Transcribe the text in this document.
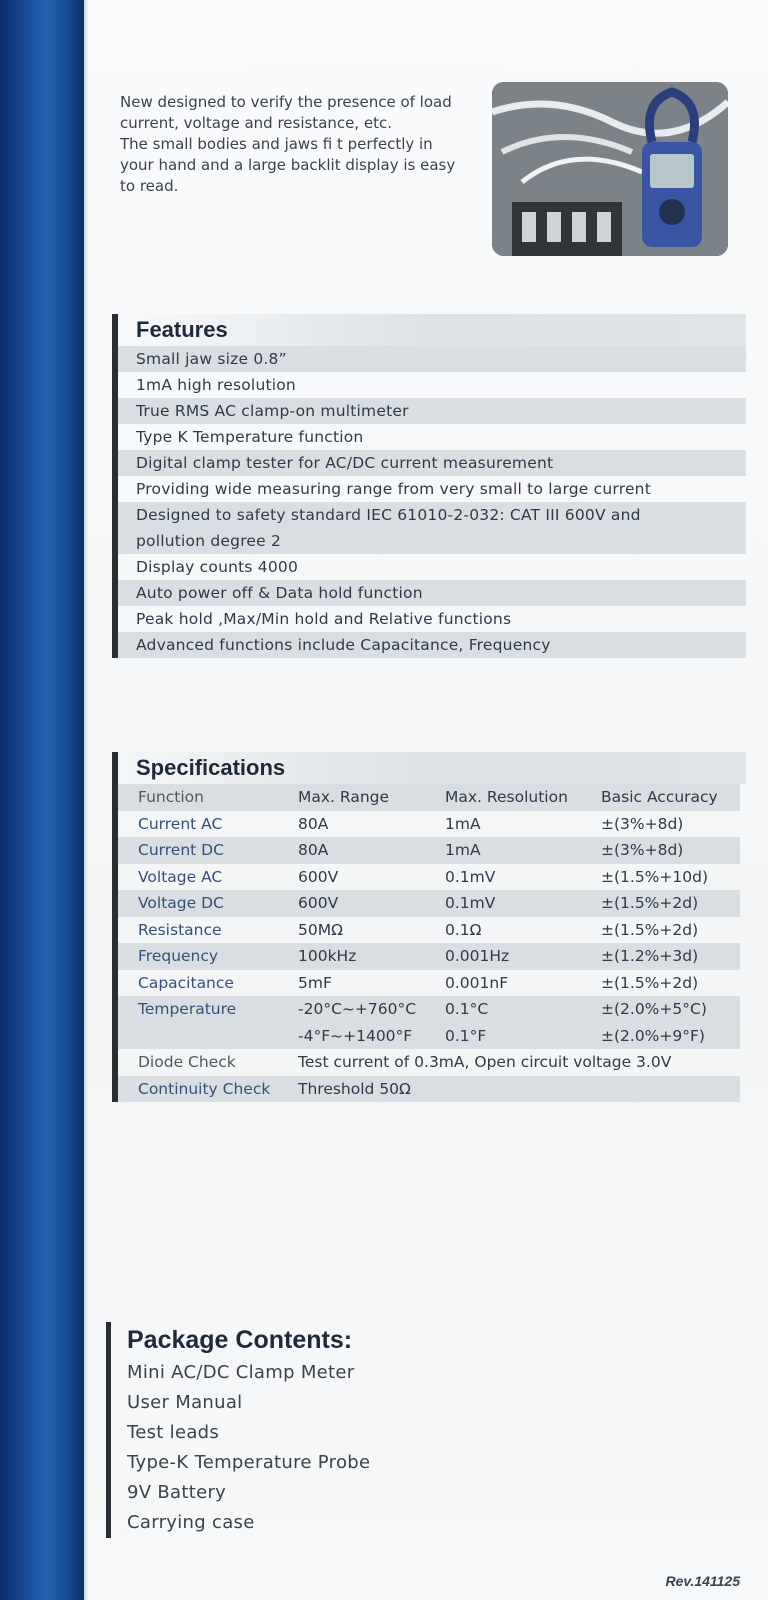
New designed to verify the presence of load current, voltage and resistance, etc.

The small bodies and jaws fi t perfectly in your hand and a large backlit display is easy to read.

Features
Small jaw size 0.8”
1mA high resolution
True RMS AC clamp-on multimeter
Type K Temperature function
Digital clamp tester for AC/DC current measurement
Providing wide measuring range from very small to large current
Designed to safety standard IEC 61010-2-032: CAT III 600V and pollution degree 2
Display counts 4000
Auto power off & Data hold function
Peak hold ,Max/Min hold and Relative functions
Advanced functions include Capacitance, Frequency
Specifications
Function	Max. Range	Max. Resolution	Basic Accuracy
Current AC	80A	1mA	±(3%+8d)
Current DC	80A	1mA	±(3%+8d)
Voltage AC	600V	0.1mV	±(1.5%+10d)
Voltage DC	600V	0.1mV	±(1.5%+2d)
Resistance	50MΩ	0.1Ω	±(1.5%+2d)
Frequency	100kHz	0.001Hz	±(1.2%+3d)
Capacitance	5mF	0.001nF	±(1.5%+2d)
Temperature	-20°C~+760°C	0.1°C	±(2.0%+5°C)
	-4°F~+1400°F	0.1°F	±(2.0%+9°F)
Diode Check	Test current of 0.3mA, Open circuit voltage 3.0V		
Continuity Check	Threshold 50Ω		
Package Contents:
Mini AC/DC Clamp Meter
User Manual
Test leads
Type-K Temperature Probe
9V Battery
Carrying case
Rev.141125
